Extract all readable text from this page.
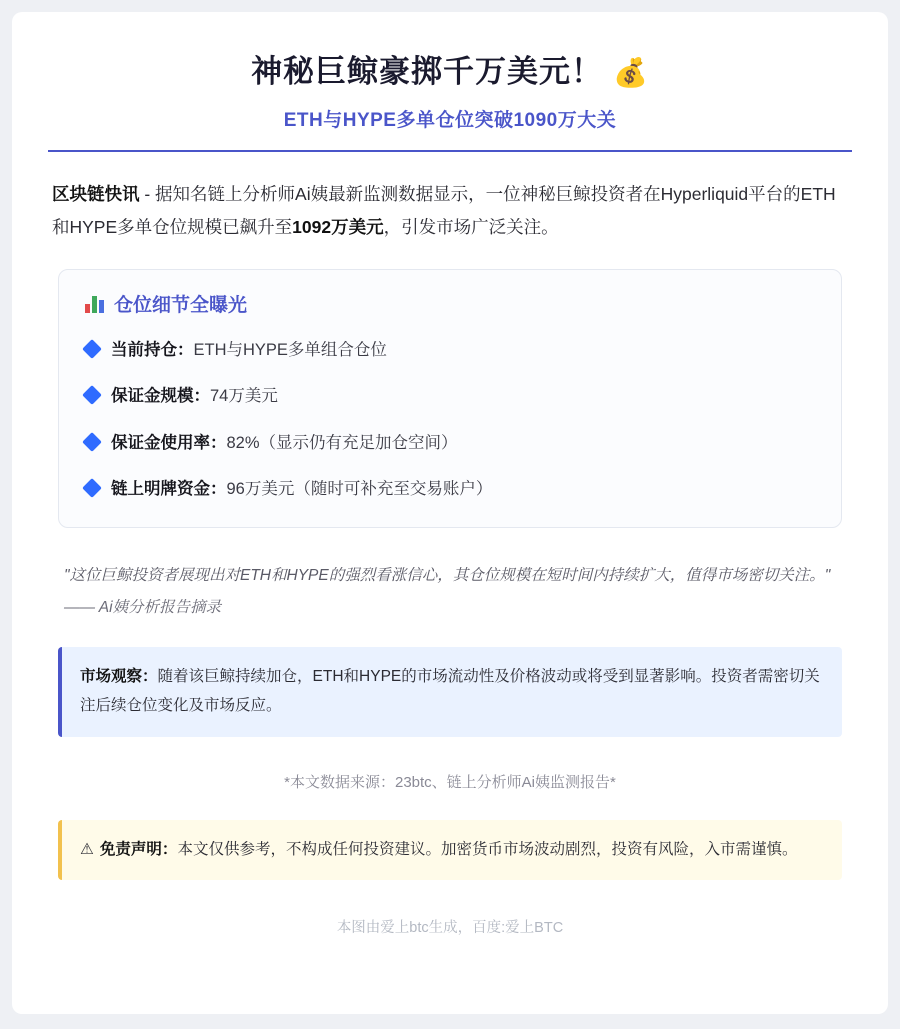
神秘巨鲸豪掷千万美元！ 💰
ETH与HYPE多单仓位突破1090万大关

区块链快讯 - 据知名链上分析师Ai姨最新监测数据显示，一位神秘巨鲸投资者在Hyperliquid平台的ETH和HYPE多单仓位规模已飙升至1092万美元，引发市场广泛关注。

仓位细节全曝光
当前持仓：ETH与HYPE多单组合仓位
保证金规模：74万美元
保证金使用率：82%（显示仍有充足加仓空间）
链上明牌资金：96万美元（随时可补充至交易账户）
"这位巨鲸投资者展现出对ETH和HYPE的强烈看涨信心，其仓位规模在短时间内持续扩大，值得市场密切关注。"
—— Ai姨分析报告摘录
市场观察：随着该巨鲸持续加仓，ETH和HYPE的市场流动性及价格波动或将受到显著影响。投资者需密切关注后续仓位变化及市场反应。
*本文数据来源：23btc、链上分析师Ai姨监测报告*
⚠ 免责声明：本文仅供参考，不构成任何投资建议。加密货币市场波动剧烈，投资有风险，入市需谨慎。
本图由爱上btc生成，百度:爱上BTC
